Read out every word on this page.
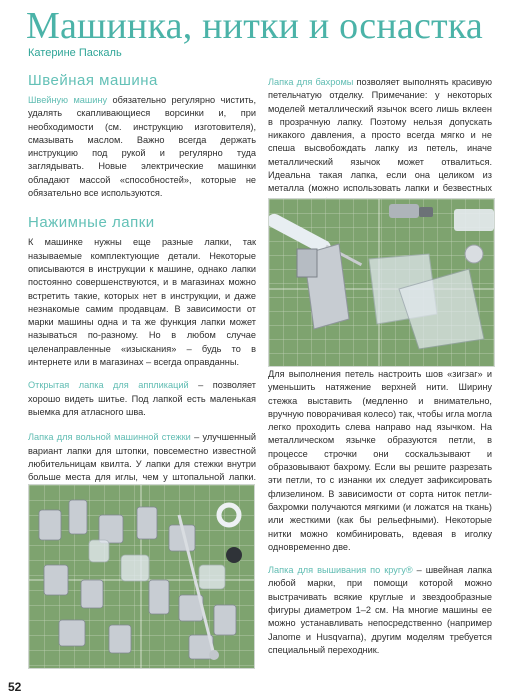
Машинка, нитки и оснастка
Катерине Паскаль
Швейная машина

Швейную машину обязательно регулярно чистить, удалять скапливающиеся ворсинки и, при необходимости (см. инструкцию изготовителя), смазывать маслом. Важно всегда держать инструкцию под рукой и регулярно туда заглядывать. Новые электрические машинки обладают массой «способностей», которые не обязательно все используются.

Нажимные лапки

К машинке нужны еще разные лапки, так называемые комплектующие детали. Некоторые описываются в инструкции к машине, однако лапки постоянно совершенствуются, и в магазинах можно встретить такие, которых нет в инструкции, и даже незнакомые самим продавцам. В зависимости от марки машины одна и та же функция лапки может называться по-разному. Но в любом случае целенаправленные «изыскания» – будь то в интернете или в магазинах – всегда оправданны.

Открытая лапка для аппликаций – позволяет хорошо видеть шитье. Под лапкой есть маленькая выемка для атласного шва.

Лапка для вольной машинной стежки – улучшенный вариант лапки для штопки, повсеместно известной любительницам квилта. У лапки для стежки внутри больше места для иглы, чем у штопальной лапки.

Лапка для бахромы позволяет выполнять красивую петельчатую отделку. Примечание: у некоторых моделей металлический язычок всего лишь вклеен в прозрачную лапку. Поэтому нельзя допускать никакого давления, а просто всегда мягко и не спеша высвобождать лапку из петель, иначе металлический язычок может отвалиться. Идеальна такая лапка, если она целиком из металла (можно использовать лапки и безвестных

Для выполнения петель настроить шов «зигзаг» и уменьшить натяжение верхней нити. Ширину стежка выставить (медленно и внимательно, вручную поворачивая колесо) так, чтобы игла могла легко проходить слева направо над язычком. На металлическом язычке образуются петли, в процессе строчки они соскальзывают и образовывают бахрому. Если вы решите разрезать эти петли, то с изнанки их следует зафиксировать флизелином. В зависимости от сорта ниток петли-бахромки получаются мягкими (и ложатся на ткань) или жесткими (как бы рельефными). Некоторые нитки можно комбинировать, вдевая в иголку одновременно две.

Лапка для вышивания по кругу® – швейная лапка любой марки, при помощи которой можно выстрачивать всякие круглые и звездообразные фигуры диаметром 1–2 см. На многие машины ее можно устанавливать непосредственно (например Janome и Husqvarna), другим моделям требуется специальный переходник.

52
